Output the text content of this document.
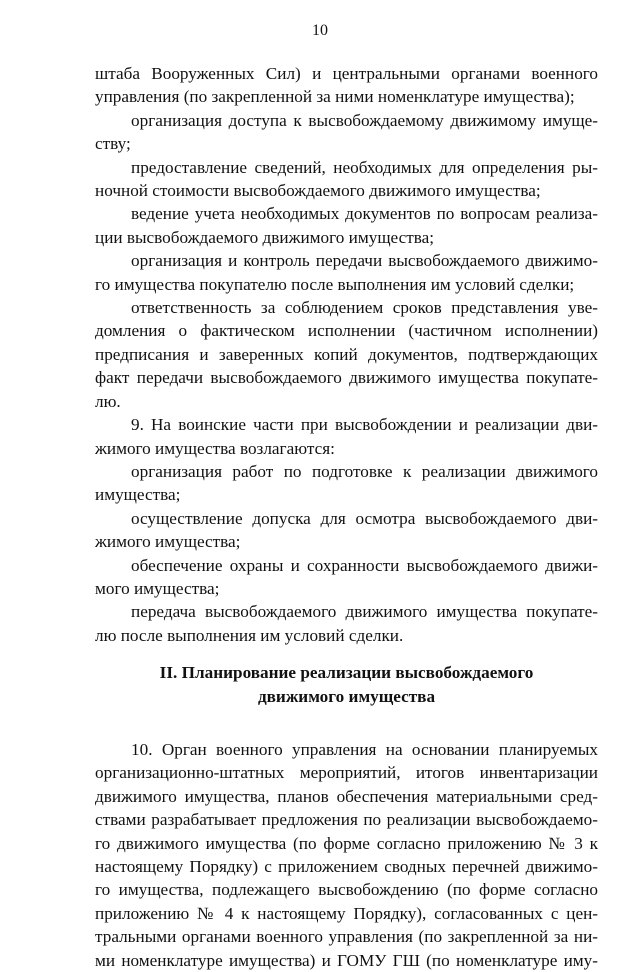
10
штаба Вооруженных Сил) и центральными органами военного
управления (по закрепленной за ними номенклатуре имущества);
организация доступа к высвобождаемому движимому имуще-
ству;
предоставление сведений, необходимых для определения ры-
ночной стоимости высвобождаемого движимого имущества;
ведение учета необходимых документов по вопросам реализа-
ции высвобождаемого движимого имущества;
организация и контроль передачи высвобождаемого движимо-
го имущества покупателю после выполнения им условий сделки;
ответственность за соблюдением сроков представления уве-
домления о фактическом исполнении (частичном исполнении)
предписания и заверенных копий документов, подтверждающих
факт передачи высвобождаемого движимого имущества покупате-
лю.
9. На воинские части при высвобождении и реализации дви-
жимого имущества возлагаются:
организация работ по подготовке к реализации движимого
имущества;
осуществление допуска для осмотра высвобождаемого дви-
жимого имущества;
обеспечение охраны и сохранности высвобождаемого движи-
мого имущества;
передача высвобождаемого движимого имущества покупате-
лю после выполнения им условий сделки.
II. Планирование реализации высвобождаемого
движимого имущества
10. Орган военного управления на основании планируемых
организационно-штатных мероприятий, итогов инвентаризации
движимого имущества, планов обеспечения материальными сред-
ствами разрабатывает предложения по реализации высвобождаемо-
го движимого имущества (по форме согласно приложению № 3 к
настоящему Порядку) с приложением сводных перечней движимо-
го имущества, подлежащего высвобождению (по форме согласно
приложению № 4 к настоящему Порядку), согласованных с цен-
тральными органами военного управления (по закрепленной за ни-
ми номенклатуре имущества) и ГОМУ ГШ (по номенклатуре иму-
